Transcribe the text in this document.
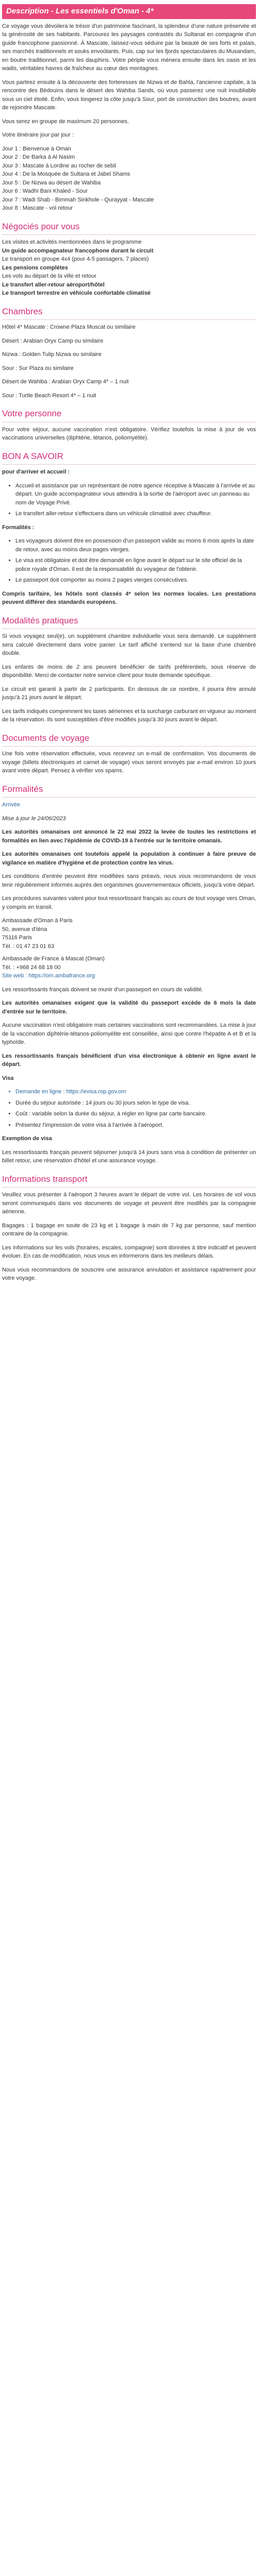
Description - Les essentiels d'Oman - 4*

Ce voyage vous dévoilera le trésor d'un patrimoine fascinant, la splendeur d'une nature préservée et la générosité de ses habitants. Parcourez les paysages contrastés du Sultanat en compagnie d'un guide francophone passionné. À Mascate, laissez-vous séduire par la beauté de ses forts et palais, ses marchés traditionnels et souks envoûtants. Puis, cap sur les fjords spectaculaires du Musandam, en boutre traditionnel, parmi les dauphins. Votre périple vous mènera ensuite dans les oasis et les wadis, véritables havres de fraîcheur au cœur des montagnes.

Vous partirez ensuite à la découverte des forteresses de Nizwa et de Bahla, l'ancienne capitale, à la rencontre des Bédouins dans le désert des Wahiba Sands, où vous passerez une nuit inoubliable sous un ciel étoilé. Enfin, vous longerez la côte jusqu'à Sour, port de construction des boutres, avant de rejoindre Mascate.

Vous serez en groupe de maximum 20 personnes.

Votre itinéraire jour par jour :

Jour 1 : Bienvenue à Oman
Jour 2 : De Barka à Al Nasim
Jour 3 : Mascate à Lordine au rocher de sebil
Jour 4 : De la Mosquée de Sultana et Jabel Shams
Jour 5 : De Nizwa au désert de Wahiba
Jour 6 : Wadhi Bani Khaled - Sour
Jour 7 : Wadi Shab - Bimmah Sinkhole - Qurayyat - Mascate
Jour 8 : Mascate - vol retour
Négociés pour vous
Les visites et activités mentionnées dans le programme
Un guide accompagnateur francophone durant le circuit
Le transport en groupe 4x4 (pour 4-5 passagers, 7 places)
Les pensions complètes
Les vols au départ de la ville et retour
Le transfert aller-retour aéroport/hôtel
Le transport terrestre en véhicule confortable climatisé
Chambres

Hôtel 4* Mascate : Crowne Plaza Muscat ou similaire

Désert : Arabian Oryx Camp ou similaire

Nizwa : Golden Tulip Nizwa ou similaire

Sour : Sur Plaza ou similaire

Désert de Wahiba : Arabian Oryx Camp 4* – 1 nuit

Sour : Turtle Beach Resort 4* – 1 nuit

Votre personne

Pour votre séjour, aucune vaccination n'est obligatoire. Vérifiez toutefois la mise à jour de vos vaccinations universelles (diphtérie, tétanos, poliomyélite).

BON A SAVOIR

pour d'arriver et accueil :

• Accueil et assistance par un représentant de notre agence réceptive à Mascate à l'arrivée et au départ. Un guide accompagnateur vous attendra à la sortie de l'aéroport avec un panneau au nom de Voyage Privé.
• Le transfert aller-retour s'effectuera dans un véhicule climatisé avec chauffeur.

Formalités :

• Les voyageurs doivent être en possession d'un passeport valide au moins 6 mois après la date de retour, avec au moins deux pages vierges.
• Le visa est obligatoire et doit être demandé en ligne avant le départ sur le site officiel de la police royale d'Oman. Il est de la responsabilité du voyageur de l'obtenir.
• Le passeport doit comporter au moins 2 pages vierges consécutives.

Compris tarifaire, les hôtels sont classés 4* selon les normes locales. Les prestations peuvent différer des standards européens.

Modalités pratiques

Si vous voyagez seul(e), un supplément chambre individuelle vous sera demandé. Le supplément sera calculé directement dans votre panier. Le tarif affiché s'entend sur la base d'une chambre double.

Les enfants de moins de 2 ans peuvent bénéficier de tarifs préférentiels, sous réserve de disponibilité. Merci de contacter notre service client pour toute demande spécifique.

Le circuit est garanti à partir de 2 participants. En dessous de ce nombre, il pourra être annulé jusqu'à 21 jours avant le départ.

Les tarifs indiqués comprennent les taxes aériennes et la surcharge carburant en vigueur au moment de la réservation. Ils sont susceptibles d'être modifiés jusqu'à 30 jours avant le départ.

Documents de voyage

Une fois votre réservation effectuée, vous recevrez un e-mail de confirmation. Vos documents de voyage (billets électroniques et carnet de voyage) vous seront envoyés par e-mail environ 10 jours avant votre départ. Pensez à vérifier vos spams.

Formalités

Arrivée

Mise à jour le 24/06/2023

Les autorités omanaises ont annoncé le 22 mai 2022 la levée de toutes les restrictions et formalités en lien avec l'épidémie de COVID-19 à l'entrée sur le territoire omanais.

Les autorités omanaises ont toutefois appelé la population à continuer à faire preuve de vigilance en matière d'hygiène et de protection contre les virus.

Les conditions d'entrée peuvent être modifiées sans préavis, nous vous recommandons de vous tenir régulièrement informés auprès des organismes gouvernementaux officiels, jusqu'à votre départ.

Les procédures suivantes valent pour tout ressortissant français au cours de tout voyage vers Oman, y compris en transit.

Ambassade d'Oman à Paris
50, avenue d'Iéna
75116 Paris
Tél. : 01 47 23 01 63
Ambassade de France à Mascat (Oman)
Tél. : +968 24 68 18 00
Site web : https://om.ambafrance.org

Les ressortissants français doivent se munir d'un passeport en cours de validité.

Les autorités omanaises exigent que la validité du passeport excède de 6 mois la date d'entrée sur le territoire.

Aucune vaccination n'est obligatoire mais certaines vaccinations sont recommandées. La mise à jour de la vaccination diphtérie-tétanos-poliomyélite est conseillée, ainsi que contre l'hépatite A et B et la typhoïde.

Les ressortissants français bénéficient d'un visa électronique à obtenir en ligne avant le départ.

Visa

• Demande en ligne : https://evisa.rop.gov.om
• Durée du séjour autorisée : 14 jours ou 30 jours selon le type de visa.
• Coût : variable selon la durée du séjour, à régler en ligne par carte bancaire.
• Présentez l'impression de votre visa à l'arrivée à l'aéroport.

Exemption de visa

Les ressortissants français peuvent séjourner jusqu'à 14 jours sans visa à condition de présenter un billet retour, une réservation d'hôtel et une assurance voyage.

Informations transport

Veuillez vous présenter à l'aéroport 3 heures avant le départ de votre vol. Les horaires de vol vous seront communiqués dans vos documents de voyage et peuvent être modifiés par la compagnie aérienne.

Bagages : 1 bagage en soute de 23 kg et 1 bagage à main de 7 kg par personne, sauf mention contraire de la compagnie.

Les informations sur les vols (horaires, escales, compagnie) sont données à titre indicatif et peuvent évoluer. En cas de modification, nous vous en informerons dans les meilleurs délais.

Nous vous recommandons de souscrire une assurance annulation et assistance rapatriement pour votre voyage.
